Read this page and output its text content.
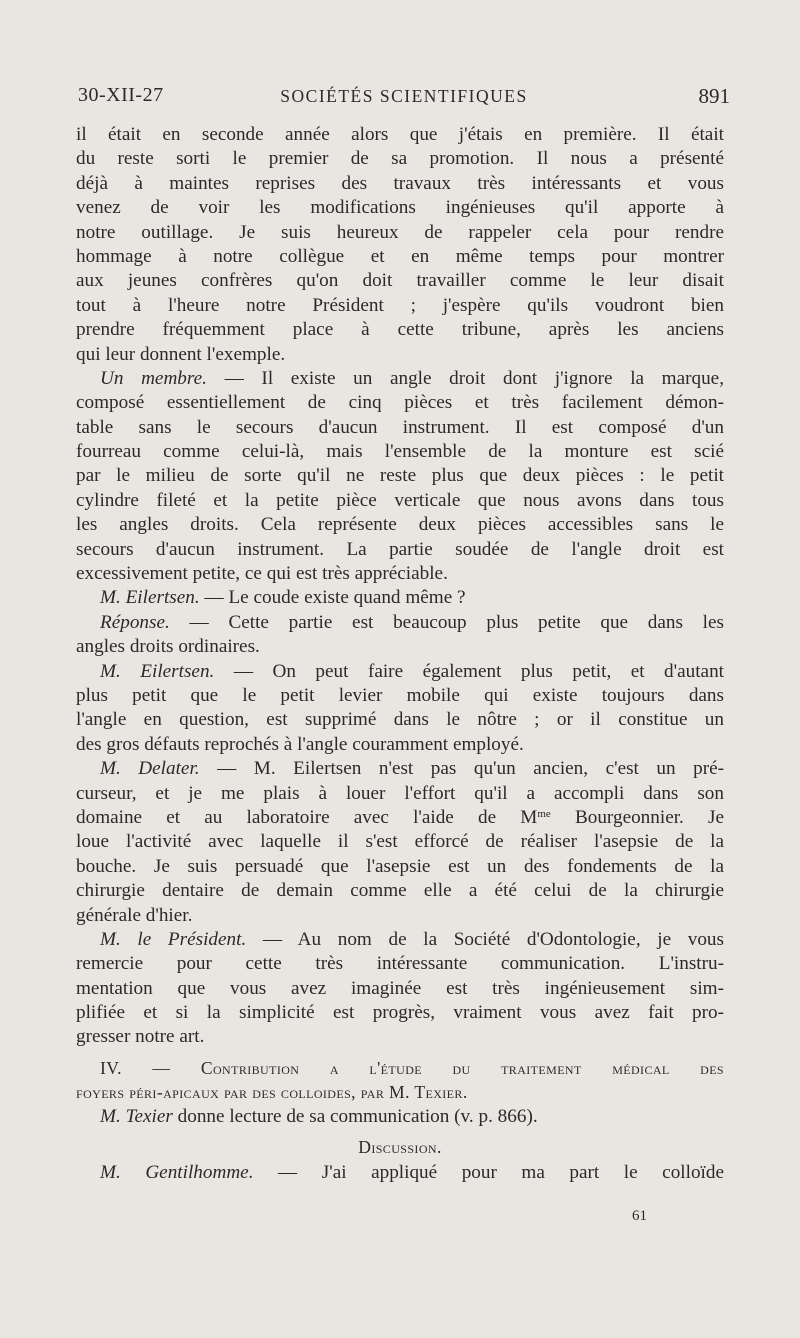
30-XII-27	SOCIÉTÉS SCIENTIFIQUES	891
il était en seconde année alors que j'étais en première. Il était
du reste sorti le premier de sa promotion. Il nous a présenté
déjà à maintes reprises des travaux très intéressants et vous
venez de voir les modifications ingénieuses qu'il apporte à
notre outillage. Je suis heureux de rappeler cela pour rendre
hommage à notre collègue et en même temps pour montrer
aux jeunes confrères qu'on doit travailler comme le leur disait
tout à l'heure notre Président ; j'espère qu'ils voudront bien
prendre fréquemment place à cette tribune, après les anciens
qui leur donnent l'exemple.
Un membre. — Il existe un angle droit dont j'ignore la marque,
composé essentiellement de cinq pièces et très facilement démon-
table sans le secours d'aucun instrument. Il est composé d'un
fourreau comme celui-là, mais l'ensemble de la monture est scié
par le milieu de sorte qu'il ne reste plus que deux pièces : le petit
cylindre fileté et la petite pièce verticale que nous avons dans tous
les angles droits. Cela représente deux pièces accessibles sans le
secours d'aucun instrument. La partie soudée de l'angle droit est
excessivement petite, ce qui est très appréciable.
M. Eilertsen. — Le coude existe quand même ?
Réponse. — Cette partie est beaucoup plus petite que dans les
angles droits ordinaires.
M. Eilertsen. — On peut faire également plus petit, et d'autant
plus petit que le petit levier mobile qui existe toujours dans
l'angle en question, est supprimé dans le nôtre ; or il constitue un
des gros défauts reprochés à l'angle couramment employé.
M. Delater. — M. Eilertsen n'est pas qu'un ancien, c'est un pré-
curseur, et je me plais à louer l'effort qu'il a accompli dans son
domaine et au laboratoire avec l'aide de $M^{me}$ Bourgeonnier. Je
loue l'activité avec laquelle il s'est efforcé de réaliser l'asepsie de la
bouche. Je suis persuadé que l'asepsie est un des fondements de la
chirurgie dentaire de demain comme elle a été celui de la chirurgie
générale d'hier.
M. le Président. — Au nom de la Société d'Odontologie, je vous
remercie pour cette très intéressante communication. L'instru-
mentation que vous avez imaginée est très ingénieusement sim-
plifiée et si la simplicité est progrès, vraiment vous avez fait pro-
gresser notre art.
IV. — Contribution a l'étude du traitement médical des
foyers péri-apicaux par des colloides, par M. Texier.
M. Texier donne lecture de sa communication (v. p. 866).
Discussion.
M. Gentilhomme. — J'ai appliqué pour ma part le colloïde
61
